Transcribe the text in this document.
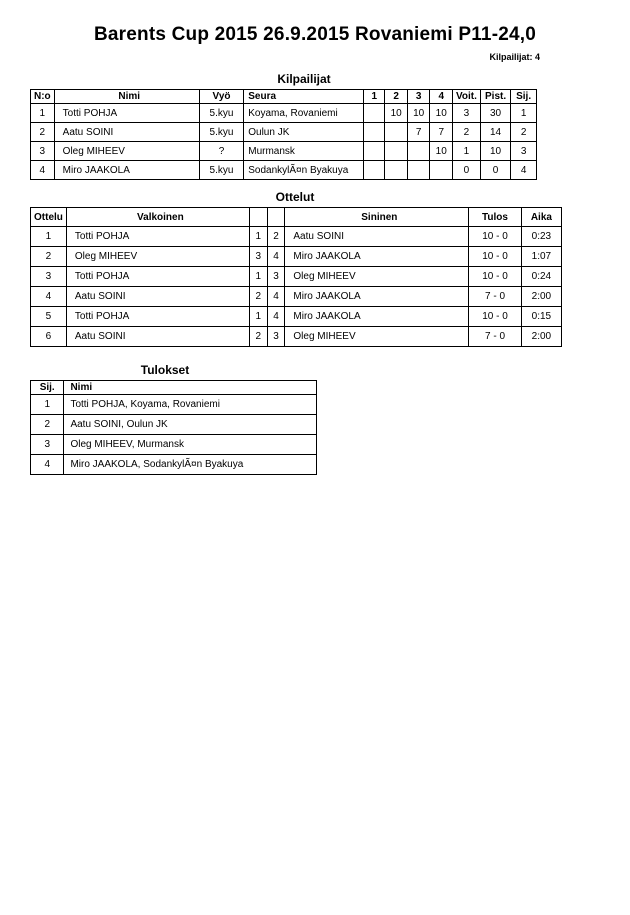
Barents Cup 2015 26.9.2015 Rovaniemi P11-24,0
Kilpailijat: 4
Kilpailijat
N:o	Nimi	Vyö	Seura	1	2	3	4	Voit.	Pist.	Sij.
1	Totti POHJA	5.kyu	Koyama, Rovaniemi		10	10	10	3	30	1
2	Aatu SOINI	5.kyu	Oulun JK			7	7	2	14	2
3	Oleg MIHEEV	?	Murmansk				10	1	10	3
4	Miro JAAKOLA	5.kyu	SodankylÃ¤n Byakuya					0	0	4
Ottelut
Ottelu	Valkoinen			Sininen	Tulos	Aika
1	Totti POHJA	1	2	Aatu SOINI	10 - 0	0:23
2	Oleg MIHEEV	3	4	Miro JAAKOLA	10 - 0	1:07
3	Totti POHJA	1	3	Oleg MIHEEV	10 - 0	0:24
4	Aatu SOINI	2	4	Miro JAAKOLA	7 - 0	2:00
5	Totti POHJA	1	4	Miro JAAKOLA	10 - 0	0:15
6	Aatu SOINI	2	3	Oleg MIHEEV	7 - 0	2:00
Tulokset
Sij.	Nimi
1	Totti POHJA, Koyama, Rovaniemi
2	Aatu SOINI, Oulun JK
3	Oleg MIHEEV, Murmansk
4	Miro JAAKOLA, SodankylÃ¤n Byakuya
